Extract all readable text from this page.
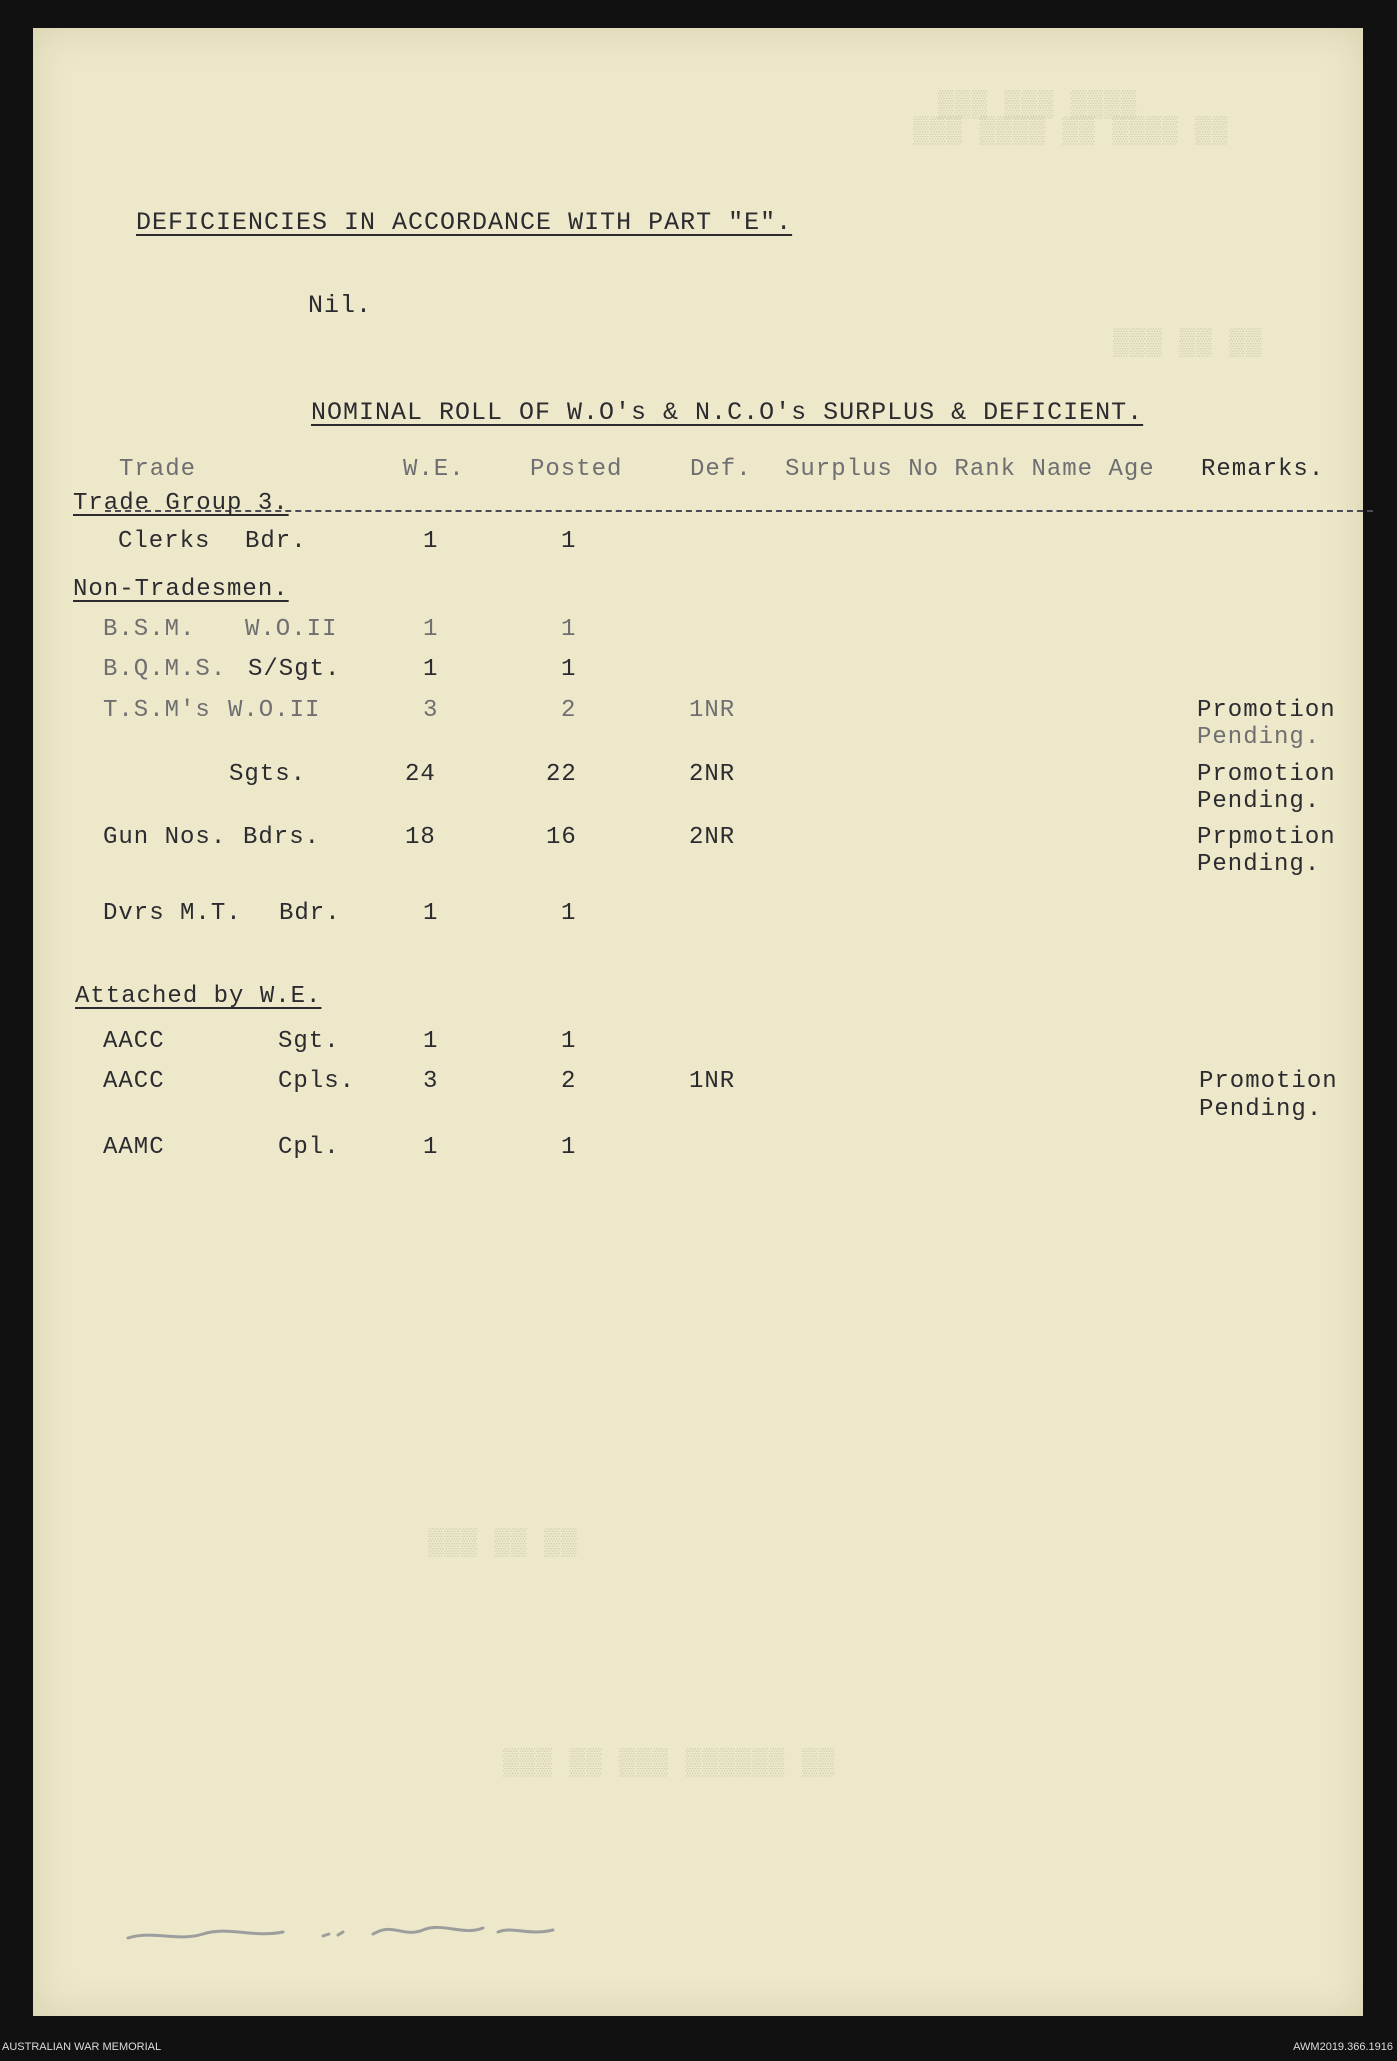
▒▒▒ ▒▒▒ ▒▒▒▒
▒▒▒ ▒▒▒▒ ▒▒ ▒▒▒▒ ▒▒
▒▒▒ ▒▒ ▒▒
▒▒▒ ▒▒ ▒▒
▒▒▒ ▒▒ ▒▒▒ ▒▒▒▒▒▒ ▒▒
DEFICIENCIES IN ACCORDANCE WITH PART "E".
Nil.
NOMINAL ROLL OF W.O's & N.C.O's SURPLUS & DEFICIENT.
Trade	W.E.	Posted	Def. Surplus No Rank Name Age Remarks.
Trade Group 3.
Clerks Bdr.	1	1
Non-Tradesmen.
B.S.M. W.O.II	1	1
B.Q.M.S. S/Sgt.	1	1
T.S.M's W.O.II	3	2	1NR	Promotion
Pending.
Sgts.	24	22	2NR	Promotion
Pending.
Gun Nos. Bdrs.	18	16	2NR	Prpmotion
Pending.
Dvrs M.T. Bdr.	1	1
Attached by W.E.
AACC	Sgt.	1	1
AACC	Cpls.	3	2	1NR	Promotion
Pending.
AAMC	Cpl.	1	1
AUSTRALIAN WAR MEMORIAL	AWM2019.366.1916
